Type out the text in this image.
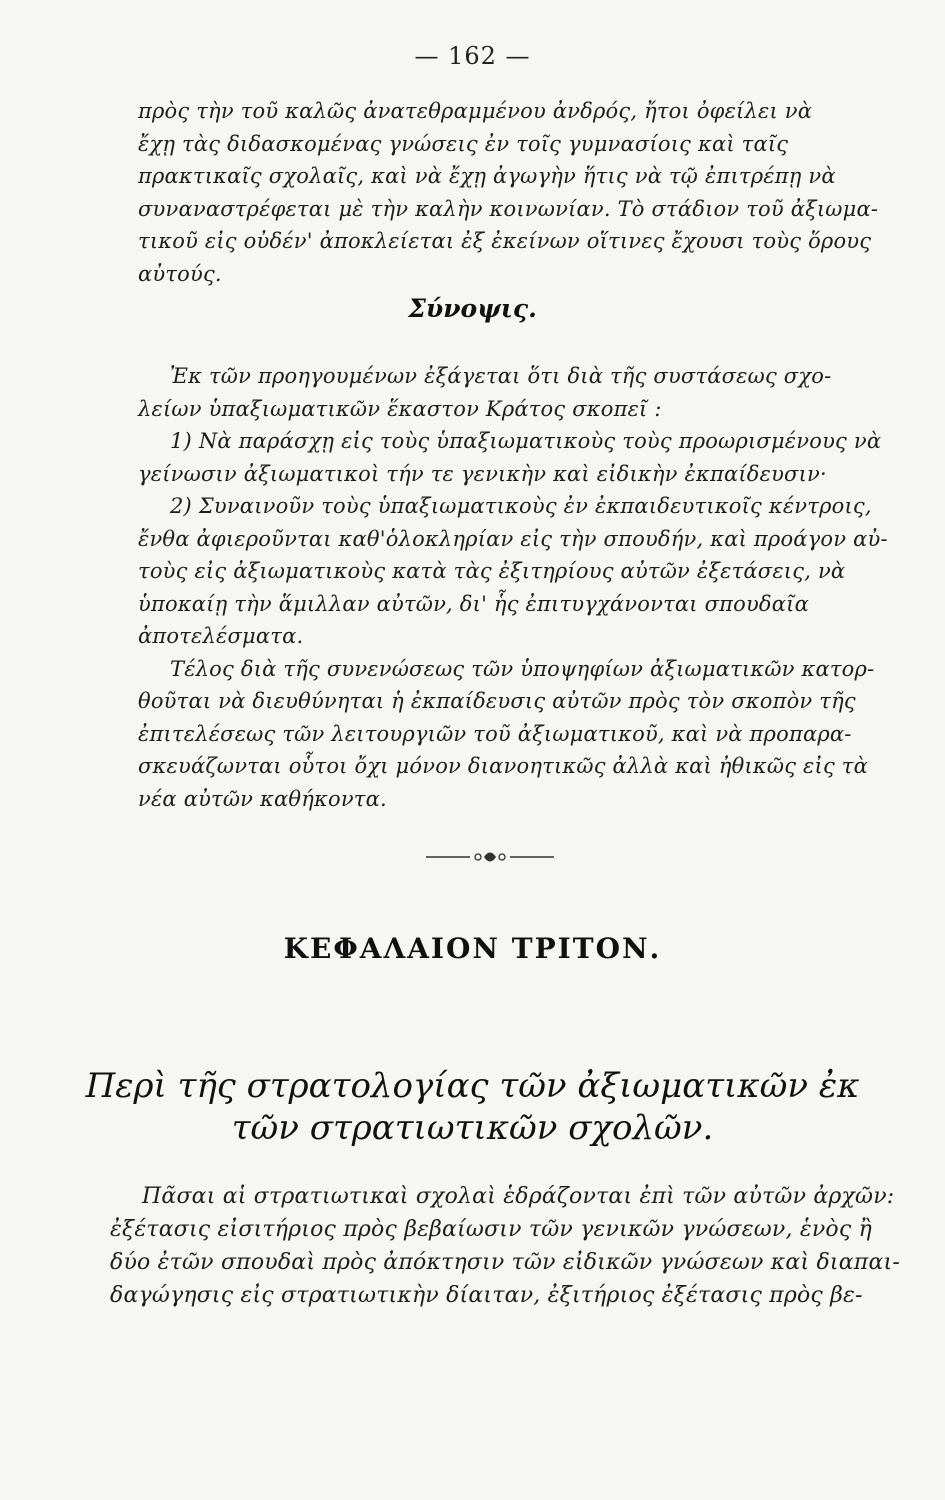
— 162 —
πρὸς τὴν τοῦ καλῶς ἀνατεθραμμένου ἀνδρός, ἤτοι ὀφείλει νὰ
ἔχῃ τὰς διδασκομένας γνώσεις ἐν τοῖς γυμνασίοις καὶ ταῖς
πρακτικαῖς σχολαῖς, καὶ νὰ ἔχῃ ἀγωγὴν ἥτις νὰ τῷ ἐπιτρέπῃ νὰ
συναναστρέφεται μὲ τὴν καλὴν κοινωνίαν. Τὸ στάδιον τοῦ ἀξιωμα-
τικοῦ εἰς οὐδέν' ἀποκλείεται ἐξ ἐκείνων οἵτινες ἔχουσι τοὺς ὅρους
αὐτούς.
Σύνοψις.
Ἐκ τῶν προηγουμένων ἐξάγεται ὅτι διὰ τῆς συστάσεως σχο-
λείων ὑπαξιωματικῶν ἕκαστον Κράτος σκοπεῖ :
1) Νὰ παράσχῃ εἰς τοὺς ὑπαξιωματικοὺς τοὺς προωρισμένους νὰ
γείνωσιν ἀξιωματικοὶ τήν τε γενικὴν καὶ εἰδικὴν ἐκπαίδευσιν·
2) Συναινοῦν τοὺς ὑπαξιωματικοὺς ἐν ἐκπαιδευτικοῖς κέντροις,
ἔνθα ἀφιεροῦνται καθ'ὁλοκληρίαν εἰς τὴν σπουδήν, καὶ προάγον αὐ-
τοὺς εἰς ἀξιωματικοὺς κατὰ τὰς ἐξιτηρίους αὐτῶν ἐξετάσεις, νὰ
ὑποκαίῃ τὴν ἅμιλλαν αὐτῶν, δι' ἧς ἐπιτυγχάνονται σπουδαῖα
ἀποτελέσματα.
Τέλος διὰ τῆς συνενώσεως τῶν ὑποψηφίων ἀξιωματικῶν κατορ-
θοῦται νὰ διευθύνηται ἡ ἐκπαίδευσις αὐτῶν πρὸς τὸν σκοπὸν τῆς
ἐπιτελέσεως τῶν λειτουργιῶν τοῦ ἀξιωματικοῦ, καὶ νὰ προπαρα-
σκευάζωνται οὗτοι ὄχι μόνον διανοητικῶς ἀλλὰ καὶ ἠθικῶς εἰς τὰ
νέα αὐτῶν καθήκοντα.
ΚΕΦΑΛΑΙΟΝ ΤΡΙΤΟΝ.
Περὶ τῆς στρατολογίας τῶν ἀξιωματικῶν ἐκ
τῶν στρατιωτικῶν σχολῶν.
Πᾶσαι αἱ στρατιωτικαὶ σχολαὶ ἑδράζονται ἐπὶ τῶν αὐτῶν ἀρχῶν:
ἐξέτασις εἰσιτήριος πρὸς βεβαίωσιν τῶν γενικῶν γνώσεων, ἑνὸς ἢ
δύο ἐτῶν σπουδαὶ πρὸς ἀπόκτησιν τῶν εἰδικῶν γνώσεων καὶ διαπαι-
δαγώγησις εἰς στρατιωτικὴν δίαιταν, ἐξιτήριος ἐξέτασις πρὸς βε-
